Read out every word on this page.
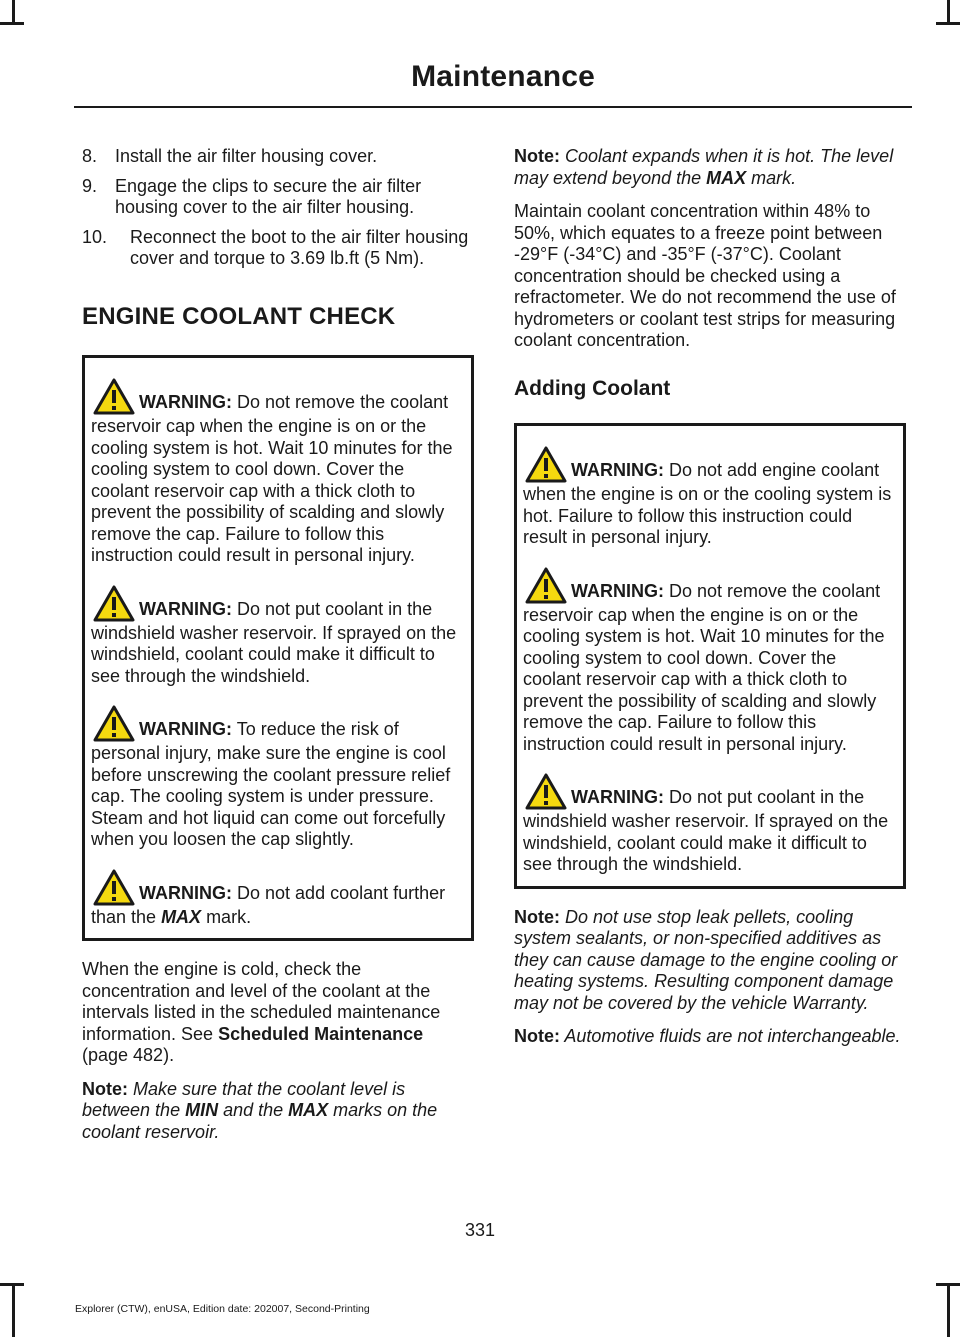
Maintenance
8. Install the air filter housing cover.
9. Engage the clips to secure the air filter housing cover to the air filter housing.
10.	Reconnect the boot to the air filter housing cover and torque to 3.69 lb.ft (5 Nm).
ENGINE COOLANT CHECK
WARNING: Do not remove the coolant reservoir cap when the engine is on or the cooling system is hot. Wait 10 minutes for the cooling system to cool down. Cover the coolant reservoir cap with a thick cloth to prevent the possibility of scalding and slowly remove the cap. Failure to follow this instruction could result in personal injury.
WARNING: Do not put coolant in the windshield washer reservoir. If sprayed on the windshield, coolant could make it difficult to see through the windshield.
WARNING: To reduce the risk of personal injury, make sure the engine is cool before unscrewing the coolant pressure relief cap. The cooling system is under pressure. Steam and hot liquid can come out forcefully when you loosen the cap slightly.
WARNING: Do not add coolant further than the MAX mark.

When the engine is cold, check the concentration and level of the coolant at the intervals listed in the scheduled maintenance information. See Scheduled Maintenance (page 482).

Note: Make sure that the coolant level is between the MIN and the MAX marks on the coolant reservoir.

Note: Coolant expands when it is hot. The level may extend beyond the MAX mark.

Maintain coolant concentration within 48% to 50%, which equates to a freeze point between -29°F (-34°C) and -35°F (-37°C). Coolant concentration should be checked using a refractometer. We do not recommend the use of hydrometers or coolant test strips for measuring coolant concentration.

Adding Coolant
WARNING: Do not add engine coolant when the engine is on or the cooling system is hot. Failure to follow this instruction could result in personal injury.
WARNING: Do not remove the coolant reservoir cap when the engine is on or the cooling system is hot. Wait 10 minutes for the cooling system to cool down. Cover the coolant reservoir cap with a thick cloth to prevent the possibility of scalding and slowly remove the cap. Failure to follow this instruction could result in personal injury.
WARNING: Do not put coolant in the windshield washer reservoir. If sprayed on the windshield, coolant could make it difficult to see through the windshield.

Note: Do not use stop leak pellets, cooling system sealants, or non-specified additives as they can cause damage to the engine cooling or heating systems. Resulting component damage may not be covered by the vehicle Warranty.

Note: Automotive fluids are not interchangeable.

331
Explorer (CTW), enUSA, Edition date: 202007, Second-Printing
